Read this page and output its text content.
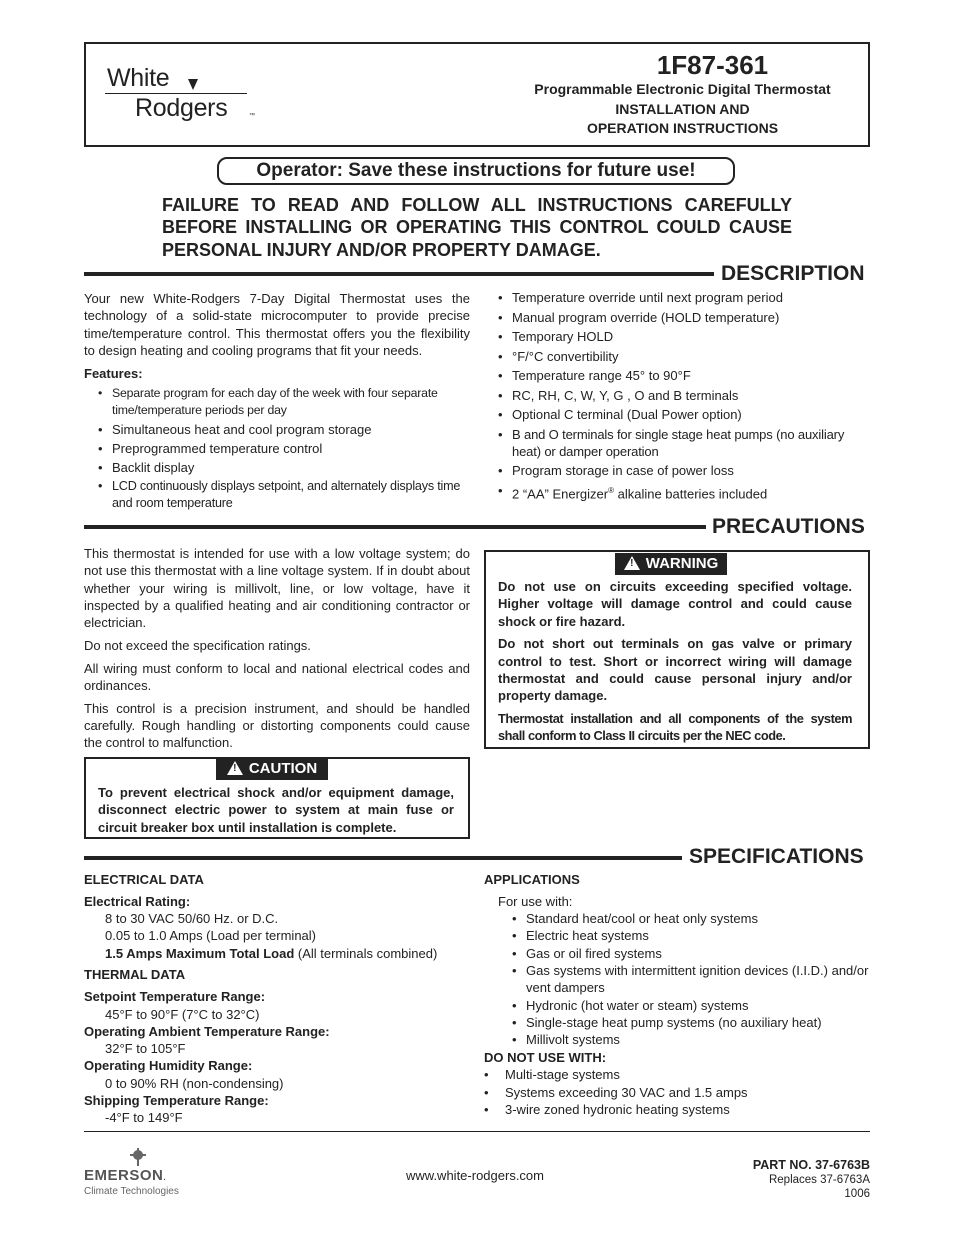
White
Rodgers	™
1F87-361
Programmable Electronic Digital Thermostat
INSTALLATION AND
OPERATION INSTRUCTIONS
Operator: Save these instructions for future use!
FAILURE TO READ AND FOLLOW ALL INSTRUCTIONS CAREFULLY BEFORE INSTALLING OR OPERATING THIS CONTROL COULD CAUSE PERSONAL INJURY AND/OR PROPERTY DAMAGE.
DESCRIPTION

Your new White-Rodgers 7-Day Digital Thermostat uses the technology of a solid-state microcomputer to provide precise time/temperature control. This thermostat offers you the flexibility to design heating and cooling programs that fit your needs.

Features:

• Separate program for each day of the week with four separate time/temperature periods per day
• Simultaneous heat and cool program storage
• Preprogrammed temperature control
• Backlit display
• LCD continuously displays setpoint, and alternately displays time and room temperature
• Temperature override until next program period
• Manual program override (HOLD temperature)
• Temporary HOLD
• °F/°C convertibility
• Temperature range 45° to 90°F
• RC, RH, C, W, Y, G , O and B terminals
• Optional C terminal (Dual Power option)
• B and O terminals for single stage heat pumps (no auxiliary heat) or damper operation
• Program storage in case of power loss
• 2 “AA” Energizer® alkaline batteries included
PRECAUTIONS

This thermostat is intended for use with a low voltage system; do not use this thermostat with a line voltage system. If in doubt about whether your wiring is millivolt, line, or low voltage, have it inspected by a qualified heating and air conditioning contractor or electrician.

Do not exceed the specification ratings.

All wiring must conform to local and national electrical codes and ordinances.

This control is a precision instrument, and should be handled carefully. Rough handling or distorting components could cause the control to malfunction.

! CAUTION

To prevent electrical shock and/or equipment damage, disconnect electric power to system at main fuse or circuit breaker box until installation is complete.

! WARNING

Do not use on circuits exceeding specified voltage. Higher voltage will damage control and could cause shock or fire hazard.

Do not short out terminals on gas valve or primary control to test. Short or incorrect wiring will damage thermostat and could cause personal injury and/or property damage.

Thermostat installation and all components of the system shall conform to Class II circuits per the NEC code.

SPECIFICATIONS

ELECTRICAL DATA

Electrical Rating:

8 to 30 VAC 50/60 Hz. or D.C.

0.05 to 1.0 Amps (Load per terminal)

1.5 Amps Maximum Total Load (All terminals combined)

THERMAL DATA

Setpoint Temperature Range:

45°F to 90°F (7°C to 32°C)

Operating Ambient Temperature Range:

32°F to 105°F

Operating Humidity Range:

0 to 90% RH (non-condensing)

Shipping Temperature Range:

-4°F to 149°F

APPLICATIONS

For use with:

• Standard heat/cool or heat only systems
• Electric heat systems
• Gas or oil fired systems
• Gas systems with intermittent ignition devices (I.I.D.) and/or vent dampers
• Hydronic (hot water or steam) systems
• Single-stage heat pump systems (no auxiliary heat)
• Millivolt systems

DO NOT USE WITH:

• Multi-stage systems
• Systems exceeding 30 VAC and 1.5 amps
• 3-wire zoned hydronic heating systems
EMERSON.
Climate Technologies
www.white-rodgers.com
PART NO. 37-6763B
Replaces 37-6763A
1006
